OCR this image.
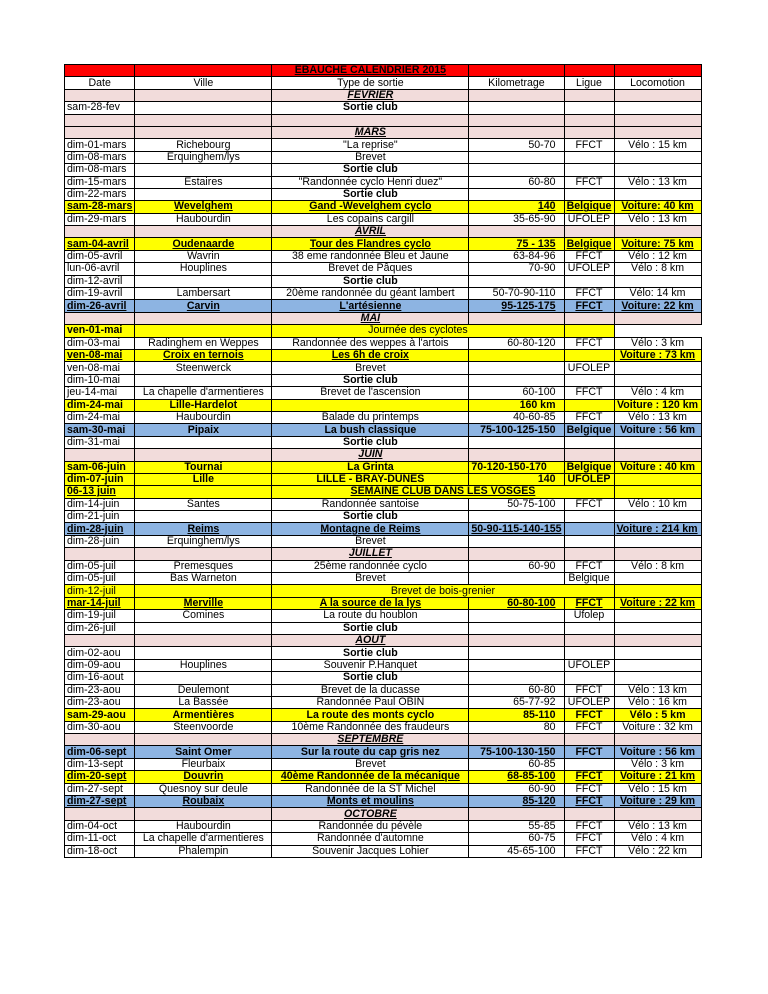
		EBAUCHE CALENDRIER 2015			
Date	Ville	Type de sortie	Kilometrage	Ligue	Locomotion
		FEVRIER			
sam-28-fev		Sortie club			

		MARS			
dim-01-mars	Richebourg	"La reprise"	50-70	FFCT	Vélo : 15 km
dim-08-mars	Erquinghem/lys	Brevet			
dim-08-mars		Sortie club			
dim-15-mars	Estaires	"Randonnée cyclo Henri duez"	60-80	FFCT	Vélo : 13 km
dim-22-mars		Sortie club			
sam-28-mars	Wevelghem	Gand -Wevelghem cyclo	140	Belgique	Voiture: 40 km
dim-29-mars	Haubourdin	Les copains cargill	35-65-90	UFOLEP	Vélo : 13 km
		AVRIL			
sam-04-avril	Oudenaarde	Tour des Flandres cyclo	75 - 135	Belgique	Voiture: 75 km
dim-05-avril	Wavrin	38 eme randonnée Bleu et Jaune	63-84-96	FFCT	Vélo : 12 km
lun-06-avril	Houplines	Brevet de Pâques	70-90	UFOLEP	Vélo : 8 km
dim-12-avril		Sortie club			
dim-19-avril	Lambersart	20ème randonnée du géant lambert	50-70-90-110	FFCT	Vélo: 14 km
dim-26-avril	Carvin	L'artésienne	95-125-175	FFCT	Voiture: 22 km
		MAI			
ven-01-mai		Journée des cyclotes			
dim-03-mai	Radinghem en Weppes	Randonnée des weppes à l'artois	60-80-120	FFCT	Vélo : 3 km
ven-08-mai	Croix en ternois	Les 6h de croix			Voiture : 73 km
ven-08-mai	Steenwerck	Brevet		UFOLEP	
dim-10-mai		Sortie club			
jeu-14-mai	La chapelle d'armentieres	Brevet de l'ascension	60-100	FFCT	Vélo : 4 km
dim-24-mai	Lille-Hardelot		160 km		Voiture : 120 km
dim-24-mai	Haubourdin	Balade du printemps	40-60-85	FFCT	Vélo : 13 km
sam-30-mai	Pipaix	La bush classique	75-100-125-150	Belgique	Voiture : 56 km
dim-31-mai		Sortie club			
		JUIN			
sam-06-juin	Tournai	La Grinta	70-120-150-170	Belgique	Voiture : 40 km
dim-07-juin	Lille	LILLE - BRAY-DUNES	140	UFOLEP	
06-13 juin		SEMAINE CLUB DANS LES VOSGES			
dim-14-juin	Santes	Randonnée santoise	50-75-100	FFCT	Vélo : 10 km
dim-21-juin		Sortie club			
dim-28-juin	Reims	Montagne de Reims	50-90-115-140-155		Voiture : 214 km
dim-28-juin	Erquinghem/lys	Brevet			
		JUILLET			
dim-05-juil	Premesques	25ème randonnée cyclo	60-90	FFCT	Vélo : 8 km
dim-05-juil	Bas Warneton	Brevet		Belgique	
dim-12-juil		Brevet de bois-grenier			
mar-14-juil	Merville	A la source de la lys	60-80-100	FFCT	Voiture : 22 km
dim-19-juil	Comines	La route du houblon		Ufolep	
dim-26-juil		Sortie club			
		AOUT			
dim-02-aou		Sortie club			
dim-09-aou	Houplines	Souvenir P.Hanquet		UFOLEP	
dim-16-aout		Sortie club			
dim-23-aou	Deulemont	Brevet de la ducasse	60-80	FFCT	Vélo : 13 km
dim-23-aou	La Bassée	Randonnée Paul OBIN	65-77-92	UFOLEP	Vélo : 16 km
sam-29-aou	Armentières	La route des monts cyclo	85-110	FFCT	Vélo : 5 km
dim-30-aou	Steenvoorde	10ème Randonnée des fraudeurs	80	FFCT	Voiture : 32 km
		SEPTEMBRE			
dim-06-sept	Saint Omer	Sur la route du cap gris nez	75-100-130-150	FFCT	Voiture : 56 km
dim-13-sept	Fleurbaix	Brevet	60-85		Vélo : 3 km
dim-20-sept	Douvrin	40ème Randonnée de la mécanique	68-85-100	FFCT	Voiture : 21 km
dim-27-sept	Quesnoy sur deule	Randonnée de la ST Michel	60-90	FFCT	Vélo : 15 km
dim-27-sept	Roubaix	Monts et moulins	85-120	FFCT	Voiture : 29 km
		OCTOBRE			
dim-04-oct	Haubourdin	Randonnée du pévèle	55-85	FFCT	Vélo : 13 km
dim-11-oct	La chapelle d'armentieres	Randonnée d'automne	60-75	FFCT	Vélo : 4 km
dim-18-oct	Phalempin	Souvenir Jacques Lohier	45-65-100	FFCT	Vélo : 22 km
